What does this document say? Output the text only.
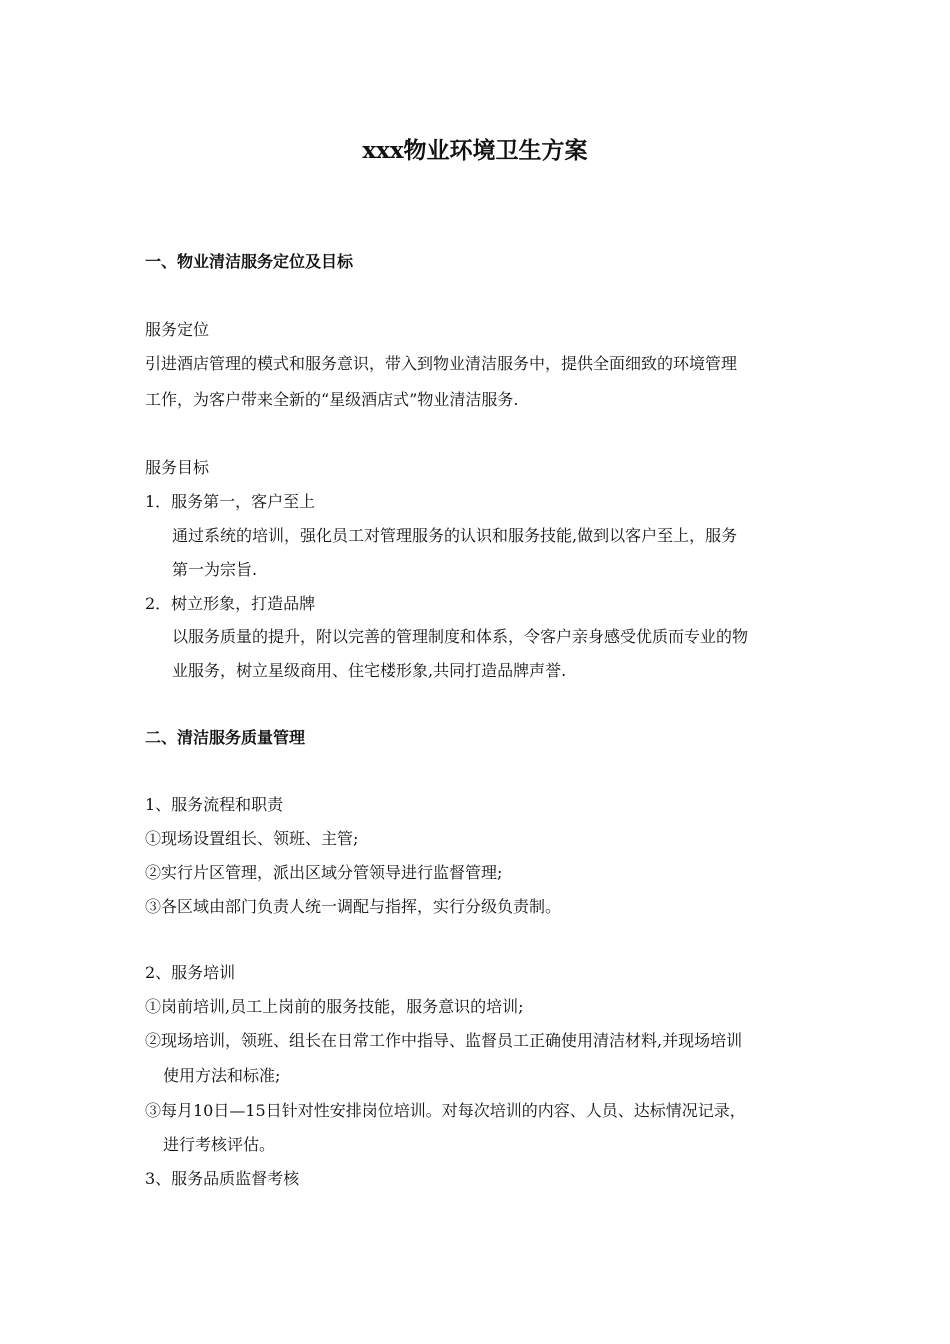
xxx物业环境卫生方案
一、物业清洁服务定位及目标
服务定位
引进酒店管理的模式和服务意识，带入到物业清洁服务中，提供全面细致的环境管理
工作，为客户带来全新的“星级酒店式”物业清洁服务.
服务目标
1．服务第一，客户至上
通过系统的培训，强化员工对管理服务的认识和服务技能,做到以客户至上，服务
第一为宗旨.
2．树立形象，打造品牌
以服务质量的提升，附以完善的管理制度和体系，令客户亲身感受优质而专业的物
业服务，树立星级商用、住宅楼形象,共同打造品牌声誉.
二、清洁服务质量管理
1、服务流程和职责
①现场设置组长、领班、主管;
②实行片区管理，派出区域分管领导进行监督管理;
③各区域由部门负责人统一调配与指挥，实行分级负责制。
2、服务培训
①岗前培训,员工上岗前的服务技能，服务意识的培训;
②现场培训，领班、组长在日常工作中指导、监督员工正确使用清洁材料,并现场培训
使用方法和标准;
③每月10日—15日针对性安排岗位培训。对每次培训的内容、人员、达标情况记录，
进行考核评估。
3、服务品质监督考核
